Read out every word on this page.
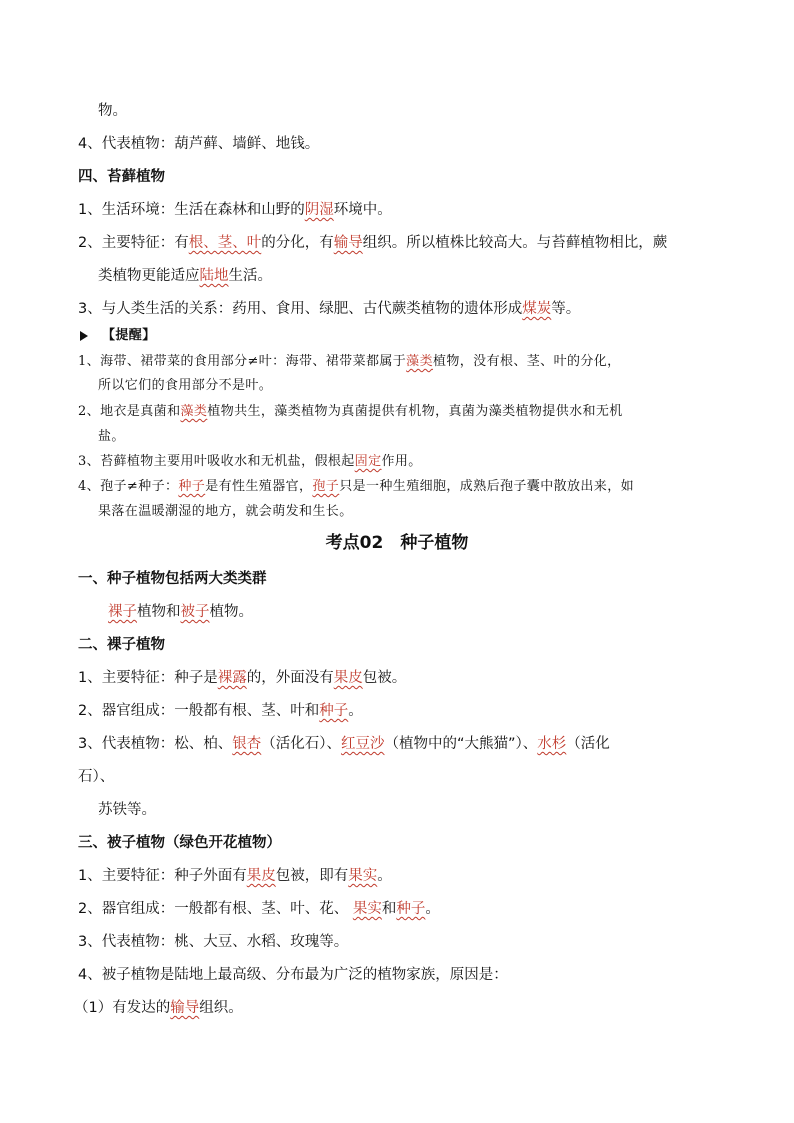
物。
4、代表植物：葫芦藓、墙鲜、地钱。
四、苔藓植物
1、生活环境：生活在森林和山野的阴湿环境中。
2、主要特征：有根、茎、叶的分化，有输导组织。所以植株比较高大。与苔藓植物相比，蕨
类植物更能适应陆地生活。
3、与人类生活的关系：药用、食用、绿肥、古代蕨类植物的遗体形成煤炭等。
【提醒】
1、海带、裙带菜的食用部分≠叶：海带、裙带菜都属于藻类植物，没有根、茎、叶的分化，
所以它们的食用部分不是叶。
2、地衣是真菌和藻类植物共生，藻类植物为真菌提供有机物，真菌为藻类植物提供水和无机
盐。
3、苔藓植物主要用叶吸收水和无机盐，假根起固定作用。
4、孢子≠种子：种子是有性生殖器官，孢子只是一种生殖细胞，成熟后孢子囊中散放出来，如
果落在温暖潮湿的地方，就会萌发和生长。
考点02　种子植物
一、种子植物包括两大类类群
裸子植物和被子植物。
二、裸子植物
1、主要特征：种子是裸露的，外面没有果皮包被。
2、器官组成：一般都有根、茎、叶和种子。
3、代表植物：松、柏、银杏（活化石）、红豆沙（植物中的“大熊猫”）、水杉（活化
石）、
苏铁等。
三、被子植物（绿色开花植物）
1、主要特征：种子外面有果皮包被，即有果实。
2、器官组成：一般都有根、茎、叶、花、 果实和种子。
3、代表植物：桃、大豆、水稻、玫瑰等。
4、被子植物是陆地上最高级、分布最为广泛的植物家族，原因是：
（1）有发达的输导组织。
